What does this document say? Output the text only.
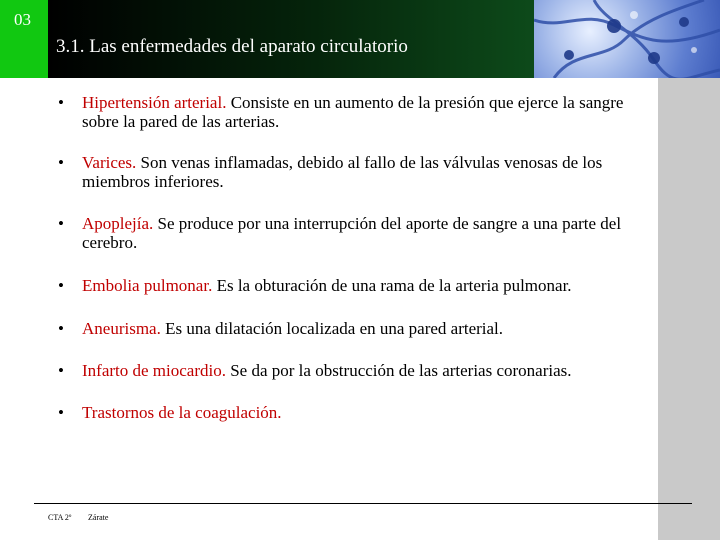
03
3.1. Las enfermedades del aparato circulatorio
• Hipertensión arterial. Consiste en un aumento de la presión que ejerce la sangre sobre la pared de las arterias.
• Varices. Son venas inflamadas, debido al fallo de las válvulas venosas de los miembros inferiores.
• Apoplejía. Se produce por una interrupción del aporte de sangre a una parte del cerebro.
• Embolia pulmonar. Es la obturación de una rama de la arteria pulmonar.
• Aneurisma. Es una dilatación localizada en una pared arterial.
• Infarto de miocardio. Se da por la obstrucción de las arterias coronarias.
• Trastornos de la coagulación.
CTA 2º Zárate
